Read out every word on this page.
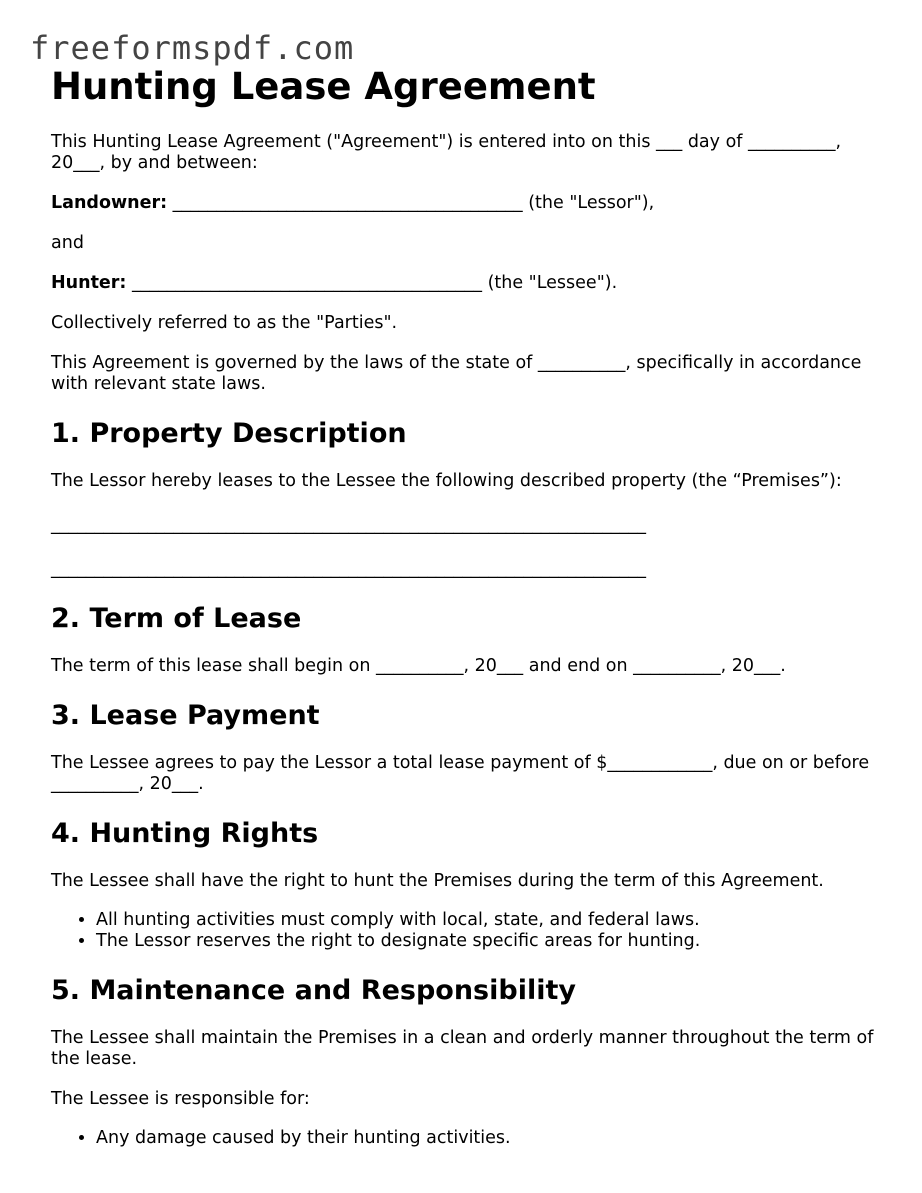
freeformspdf.com
Hunting Lease Agreement

This Hunting Lease Agreement ("Agreement") is entered into on this ___ day of __________, 20___, by and between:

Landowner: ________________________________________ (the "Lessor"),

and

Hunter: ________________________________________ (the "Lessee").

Collectively referred to as the "Parties".

This Agreement is governed by the laws of the state of __________, specifically in accordance with relevant state laws.

1. Property Description

The Lessor hereby leases to the Lessee the following described property (the “Premises”):

____________________________________________________________________

____________________________________________________________________

2. Term of Lease

The term of this lease shall begin on __________, 20___ and end on __________, 20___.

3. Lease Payment

The Lessee agrees to pay the Lessor a total lease payment of $____________, due on or before __________, 20___.

4. Hunting Rights

The Lessee shall have the right to hunt the Premises during the term of this Agreement.

• All hunting activities must comply with local, state, and federal laws.
• The Lessor reserves the right to designate specific areas for hunting.
5. Maintenance and Responsibility

The Lessee shall maintain the Premises in a clean and orderly manner throughout the term of the lease.

The Lessee is responsible for:

• Any damage caused by their hunting activities.
